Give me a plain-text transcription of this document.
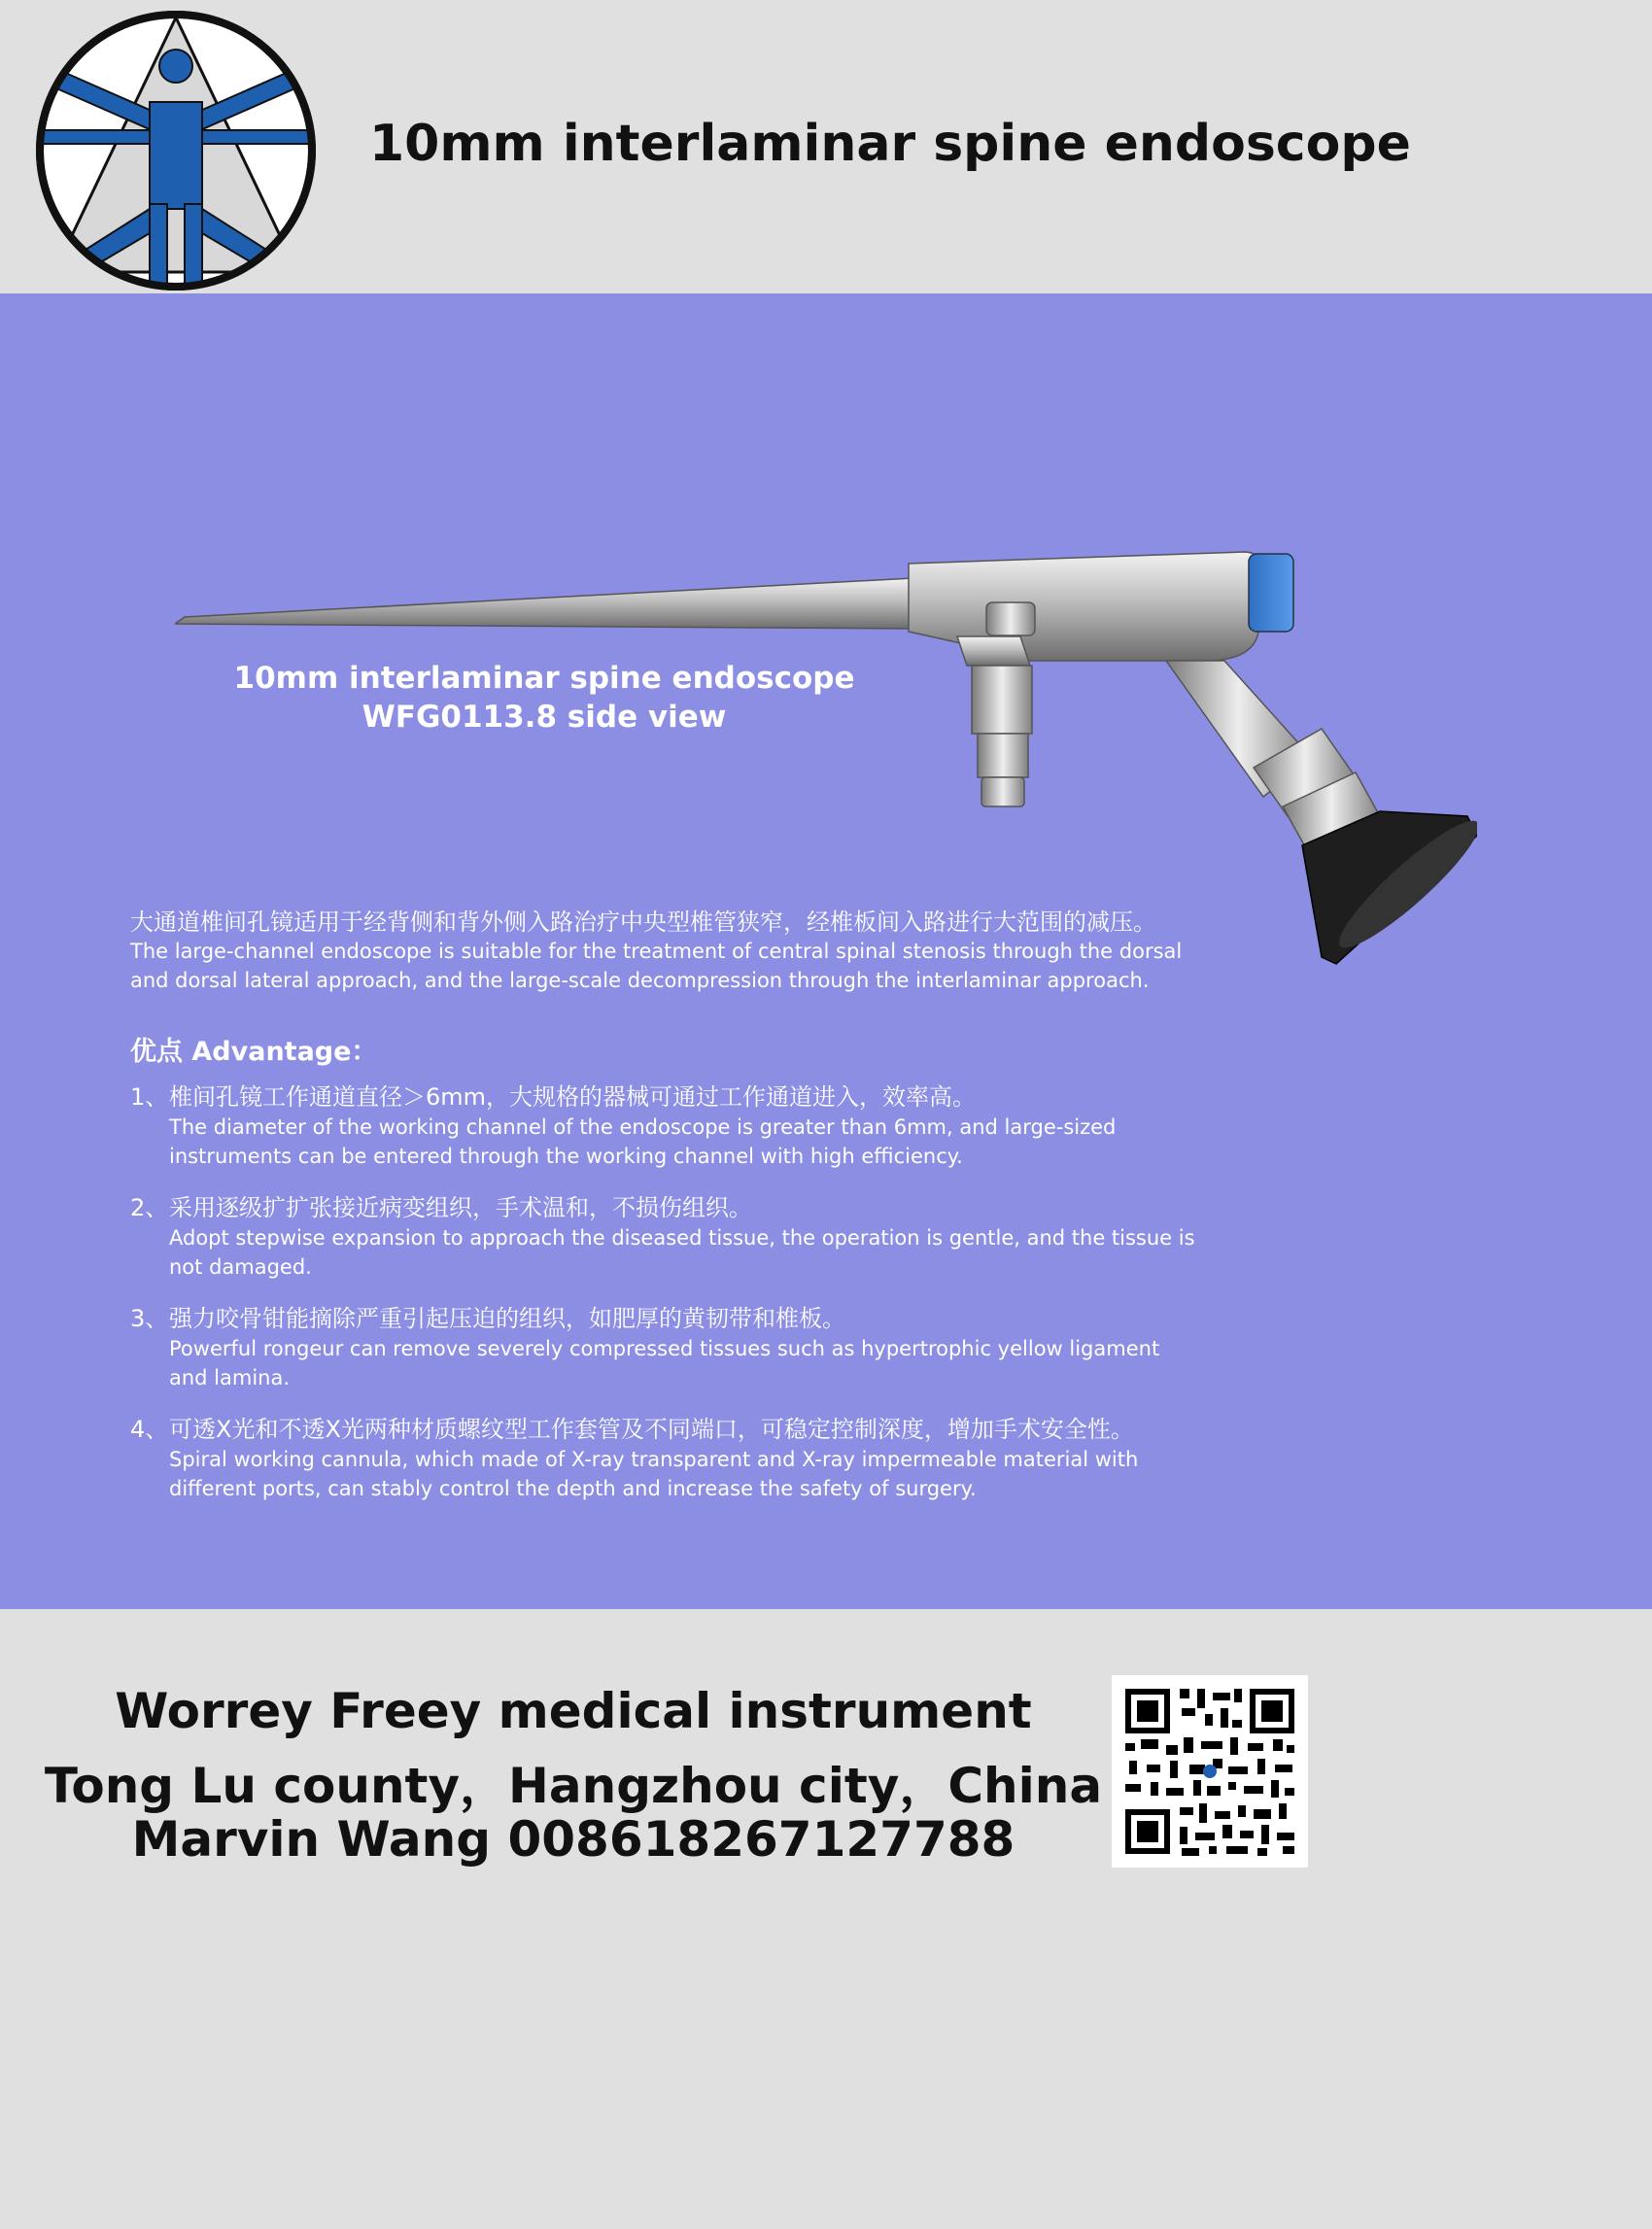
10mm interlaminar spine endoscope
10mm interlaminar spine endoscope
WFG0113.8 side view
大通道椎间孔镜适用于经背侧和背外侧入路治疗中央型椎管狭窄，经椎板间入路进行大范围的减压。
The large-channel endoscope is suitable for the treatment of central spinal stenosis through the dorsal
and dorsal lateral approach, and the large-scale decompression through the interlaminar approach.
优点 Advantage：
1、椎间孔镜工作通道直径＞6mm，大规格的器械可通过工作通道进入，效率高。
The diameter of the working channel of the endoscope is greater than 6mm, and large-sized
instruments can be entered through the working channel with high efficiency.
2、采用逐级扩扩张接近病变组织，手术温和，不损伤组织。
Adopt stepwise expansion to approach the diseased tissue, the operation is gentle, and the tissue is
not damaged.
3、强力咬骨钳能摘除严重引起压迫的组织，如肥厚的黄韧带和椎板。
Powerful rongeur can remove severely compressed tissues such as hypertrophic yellow ligament
and lamina.
4、可透X光和不透X光两种材质螺纹型工作套管及不同端口，可稳定控制深度，增加手术安全性。
Spiral working cannula, which made of X-ray transparent and X-ray impermeable material with
different ports, can stably control the depth and increase the safety of surgery.
Worrey Freey medical instrument
Tong Lu county，Hangzhou city，China
Marvin Wang 008618267127788
